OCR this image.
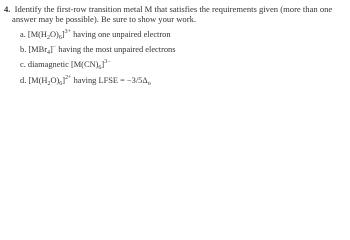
4. Identify the first-row transition metal M that satisfies the requirements given (more than one
answer may be possible). Be sure to show your work.
a. $[M(H_2O)_6]^{3+}$ having one unpaired electron
b. [MBr$_4$]− having the most unpaired electrons
c. diamagnetic $[M(CN)_6]^{3-}$
d. $[M(H_2O)_6]^{2+}$ having LFSE = $-3/5\Delta_o$
